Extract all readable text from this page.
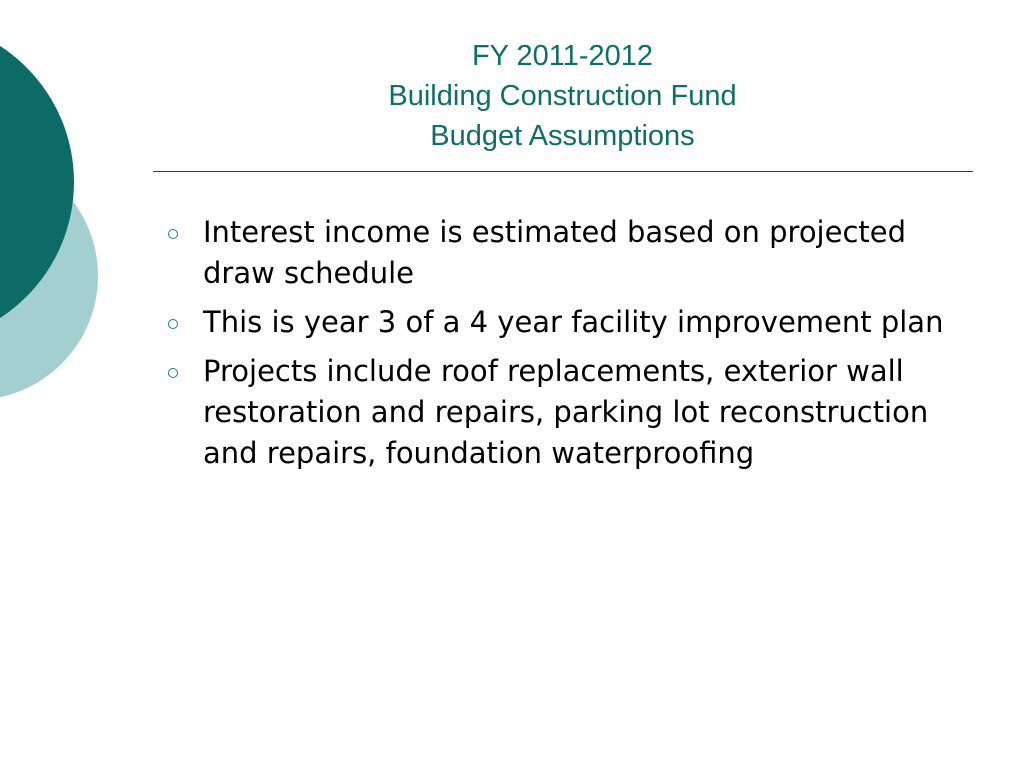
FY 2011-2012
Building Construction Fund
Budget Assumptions
Interest income is estimated based on projected draw schedule
This is year 3 of a 4 year facility improvement plan
Projects include roof replacements, exterior wall restoration and repairs, parking lot reconstruction and repairs, foundation waterproofing
